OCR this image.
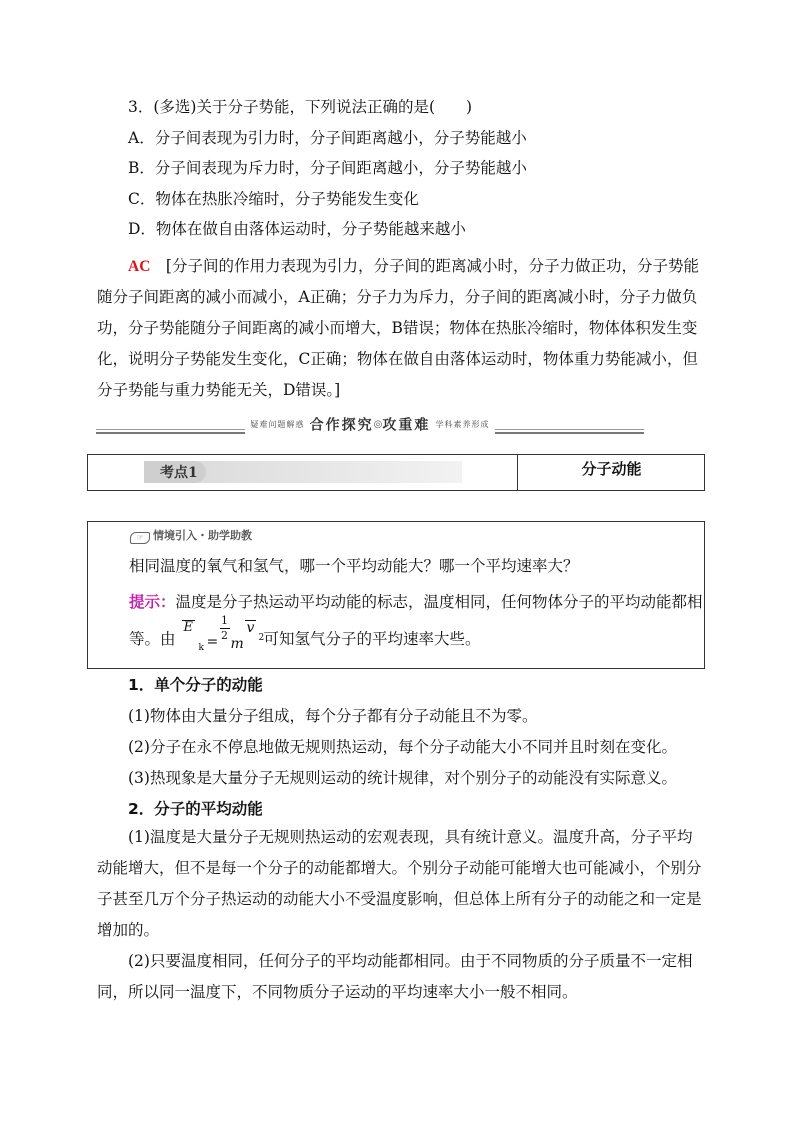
3．(多选)关于分子势能，下列说法正确的是(　　)
A．分子间表现为引力时，分子间距离越小，分子势能越小
B．分子间表现为斥力时，分子间距离越小，分子势能越小
C．物体在热胀冷缩时，分子势能发生变化
D．物体在做自由落体运动时，分子势能越来越小
AC　 [分子间的作用力表现为引力，分子间的距离减小时，分子力做正功，分子势能随分子间距离的减小而减小，A正确；分子力为斥力，分子间的距离减小时，分子力做负功，分子势能随分子间距离的减小而增大，B错误；物体在热胀冷缩时，物体体积发生变化，说明分子势能发生变化，C正确；物体在做自由落体运动时，物体重力势能减小，但分子势能与重力势能无关，D错误。]
疑难问题解惑 合作探究◎攻重难 学科素养形成
考点1	分子动能
☞ 情境引入・助学助教
相同温度的氧气和氢气，哪一个平均动能大？哪一个平均速率大？
提示：温度是分子热运动平均动能的标志，温度相同，任何物体分子的平均动能都相等。由
E
$k = \frac{1}{2}$
m
v
2 可知氢气分子的平均速率大些。
1．单个分子的动能
(1)物体由大量分子组成，每个分子都有分子动能且不为零。
(2)分子在永不停息地做无规则热运动，每个分子动能大小不同并且时刻在变化。
(3)热现象是大量分子无规则运动的统计规律，对个别分子的动能没有实际意义。
2．分子的平均动能
(1)温度是大量分子无规则热运动的宏观表现，具有统计意义。温度升高，分子平均动能增大，但不是每一个分子的动能都增大。个别分子动能可能增大也可能减小，个别分子甚至几万个分子热运动的动能大小不受温度影响，但总体上所有分子的动能之和一定是增加的。
(2)只要温度相同，任何分子的平均动能都相同。由于不同物质的分子质量不一定相同，所以同一温度下，不同物质分子运动的平均速率大小一般不相同。
